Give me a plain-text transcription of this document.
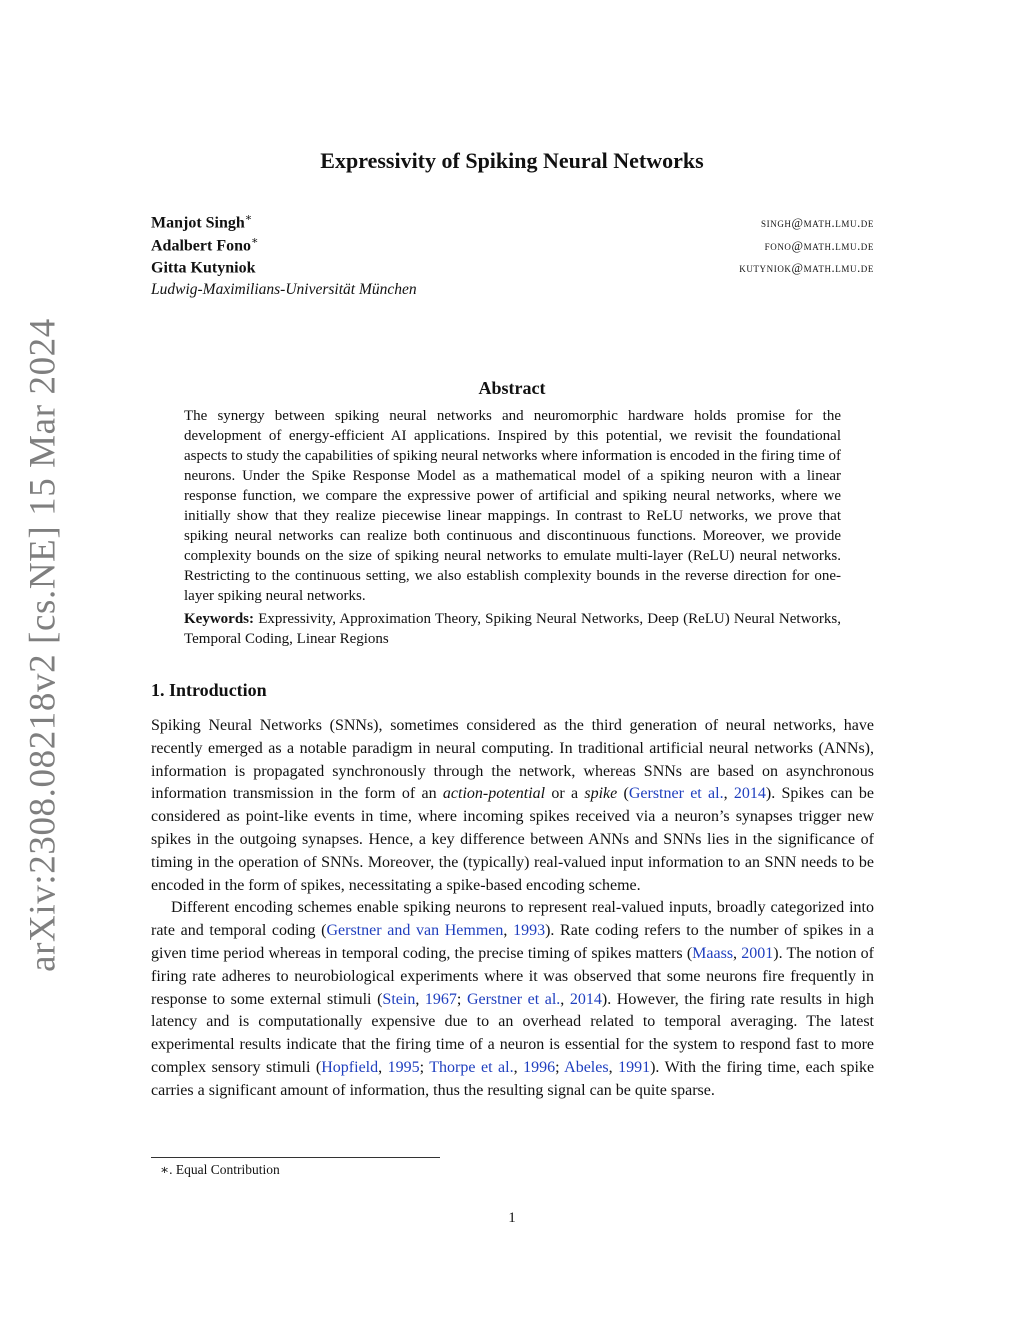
arXiv:2308.08218v2 [cs.NE] 15 Mar 2024
Expressivity of Spiking Neural Networks
Manjot Singh∗	singh@math.lmu.de
Adalbert Fono∗	fono@math.lmu.de
Gitta Kutyniok	kutyniok@math.lmu.de
Ludwig-Maximilians-Universität München
Abstract
The synergy between spiking neural networks and neuromorphic hardware holds promise for the development of energy-efficient AI applications. Inspired by this potential, we revisit the foundational aspects to study the capabilities of spiking neural networks where information is encoded in the firing time of neurons. Under the Spike Response Model as a mathematical model of a spiking neuron with a linear response function, we compare the expressive power of artificial and spiking neural networks, where we initially show that they realize piecewise linear mappings. In contrast to ReLU networks, we prove that spiking neural networks can realize both continuous and discontinuous functions. Moreover, we provide complexity bounds on the size of spiking neural networks to emulate multi-layer (ReLU) neural networks. Restricting to the continuous setting, we also establish complexity bounds in the reverse direction for one-layer spiking neural networks.
Keywords: Expressivity, Approximation Theory, Spiking Neural Networks, Deep (ReLU) Neural Networks, Temporal Coding, Linear Regions
1. Introduction

Spiking Neural Networks (SNNs), sometimes considered as the third generation of neural networks, have recently emerged as a notable paradigm in neural computing. In traditional artificial neural networks (ANNs), information is propagated synchronously through the network, whereas SNNs are based on asynchronous information transmission in the form of an action-potential or a spike (Gerstner et al., 2014). Spikes can be considered as point-like events in time, where incoming spikes received via a neuron’s synapses trigger new spikes in the outgoing synapses. Hence, a key difference between ANNs and SNNs lies in the significance of timing in the operation of SNNs. Moreover, the (typically) real-valued input information to an SNN needs to be encoded in the form of spikes, necessitating a spike-based encoding scheme.

Different encoding schemes enable spiking neurons to represent real-valued inputs, broadly categorized into rate and temporal coding (Gerstner and van Hemmen, 1993). Rate coding refers to the number of spikes in a given time period whereas in temporal coding, the precise timing of spikes matters (Maass, 2001). The notion of firing rate adheres to neurobiological experiments where it was observed that some neurons fire frequently in response to some external stimuli (Stein, 1967; Gerstner et al., 2014). However, the firing rate results in high latency and is computationally expensive due to an overhead related to temporal averaging. The latest experimental results indicate that the firing time of a neuron is essential for the system to respond fast to more complex sensory stimuli (Hopfield, 1995; Thorpe et al., 1996; Abeles, 1991). With the firing time, each spike carries a significant amount of information, thus the resulting signal can be quite sparse.

∗. Equal Contribution
1
